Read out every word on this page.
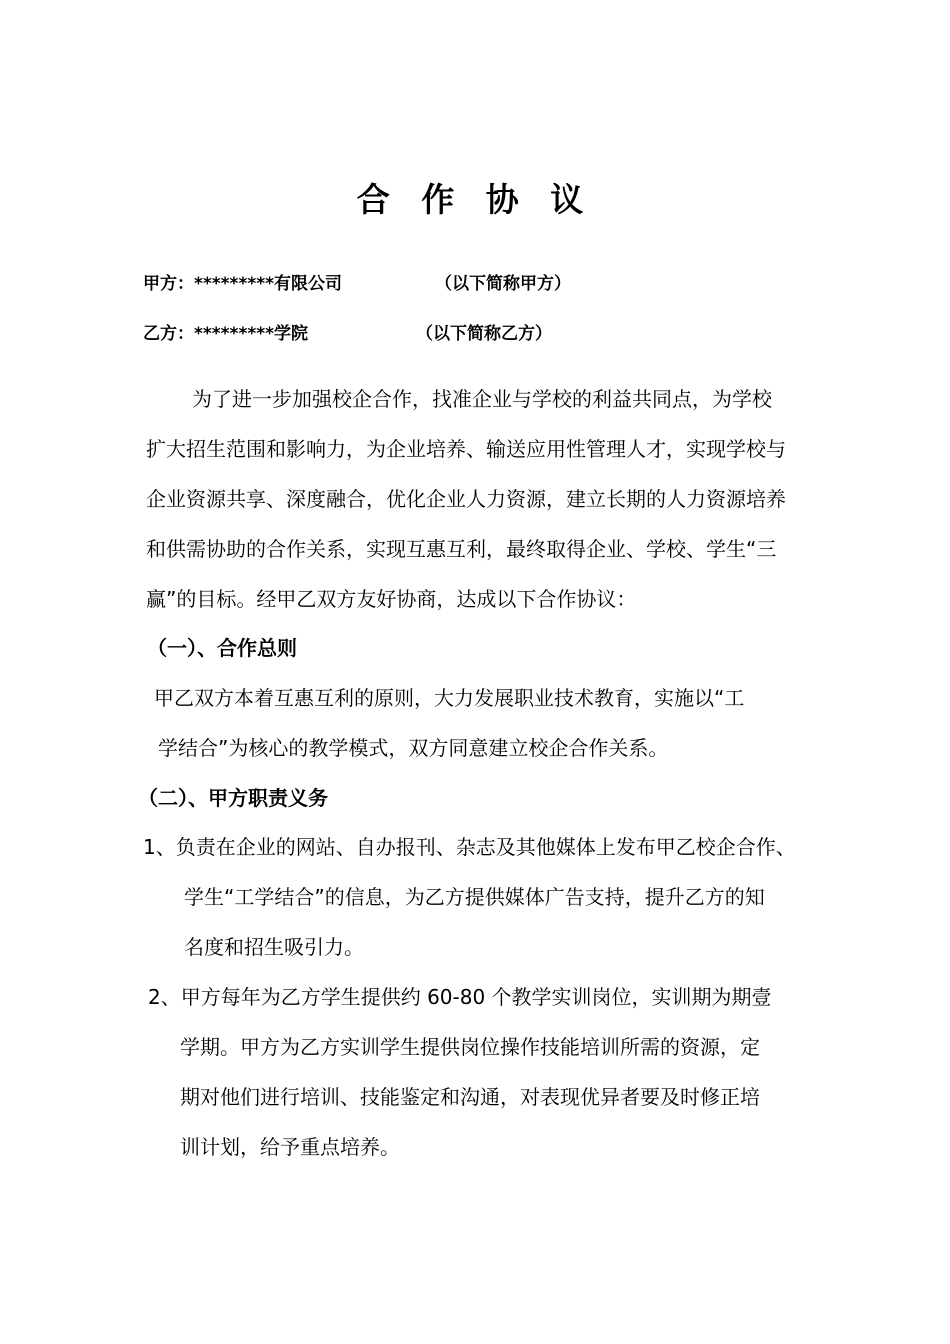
合 作 协 议
甲方：*********有限公司	（以下简称甲方）
乙方：*********学院	（以下简称乙方）
为了进一步加强校企合作，找准企业与学校的利益共同点，为学校
扩大招生范围和影响力，为企业培养、输送应用性管理人才，实现学校与
企业资源共享、深度融合，优化企业人力资源，建立长期的人力资源培养
和供需协助的合作关系，实现互惠互利，最终取得企业、学校、学生“三
赢”的目标。经甲乙双方友好协商，达成以下合作协议：
（一）、合作总则
甲乙双方本着互惠互利的原则，大力发展职业技术教育，实施以“工
学结合”为核心的教学模式，双方同意建立校企合作关系。
（二）、甲方职责义务
1、负责在企业的网站、自办报刊、杂志及其他媒体上发布甲乙校企合作、
学生“工学结合”的信息，为乙方提供媒体广告支持，提升乙方的知
名度和招生吸引力。
2、甲方每年为乙方学生提供约 60-80 个教学实训岗位，实训期为期壹
学期。甲方为乙方实训学生提供岗位操作技能培训所需的资源，定
期对他们进行培训、技能鉴定和沟通，对表现优异者要及时修正培
训计划，给予重点培养。
